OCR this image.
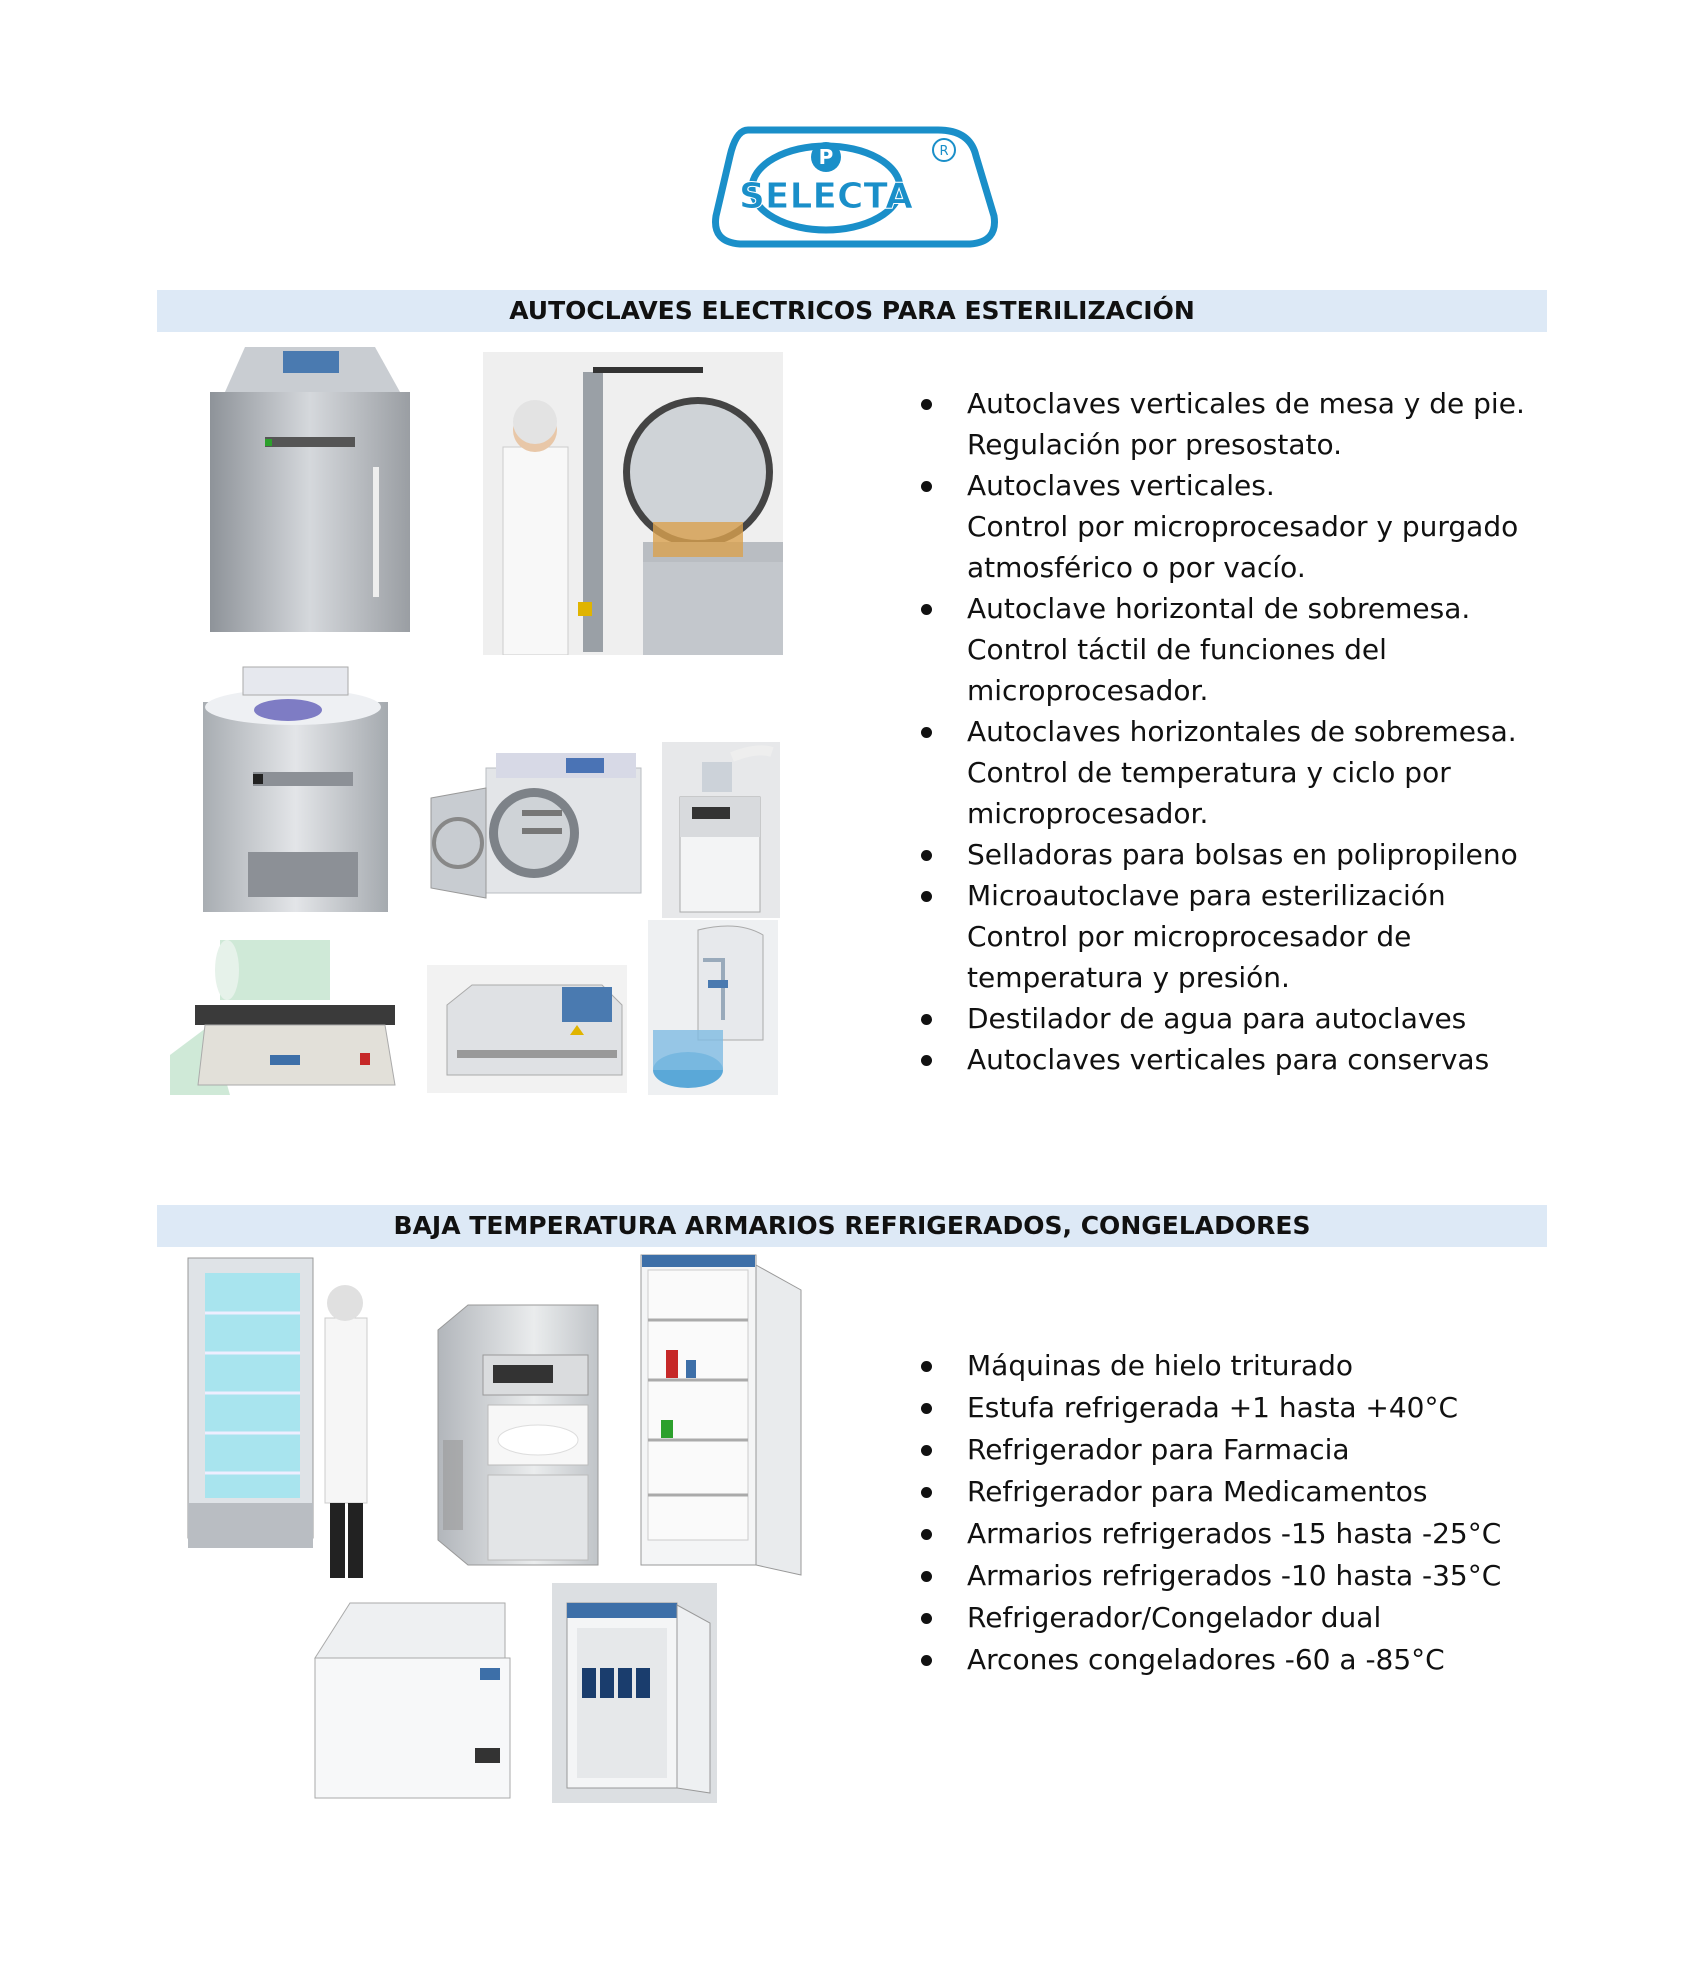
P
SELECTA
R
AUTOCLAVES ELECTRICOS PARA ESTERILIZACIÓN
Autoclaves verticales de mesa y de pie.
Regulación por presostato.
Autoclaves verticales.
Control por microprocesador y purgado
atmosférico o por vacío.
Autoclave horizontal de sobremesa.
Control táctil de funciones del
microprocesador.
Autoclaves horizontales de sobremesa.
Control de temperatura y ciclo por
microprocesador.
Selladoras para bolsas en polipropileno
Microautoclave para esterilización
Control por microprocesador de
temperatura y presión.
Destilador de agua para autoclaves
Autoclaves verticales para conservas
BAJA TEMPERATURA ARMARIOS REFRIGERADOS, CONGELADORES
Máquinas de hielo triturado
Estufa refrigerada +1 hasta +40°C
Refrigerador para Farmacia
Refrigerador para Medicamentos
Armarios refrigerados -15 hasta -25°C
Armarios refrigerados -10 hasta -35°C
Refrigerador/Congelador dual
Arcones congeladores -60 a -85°C
